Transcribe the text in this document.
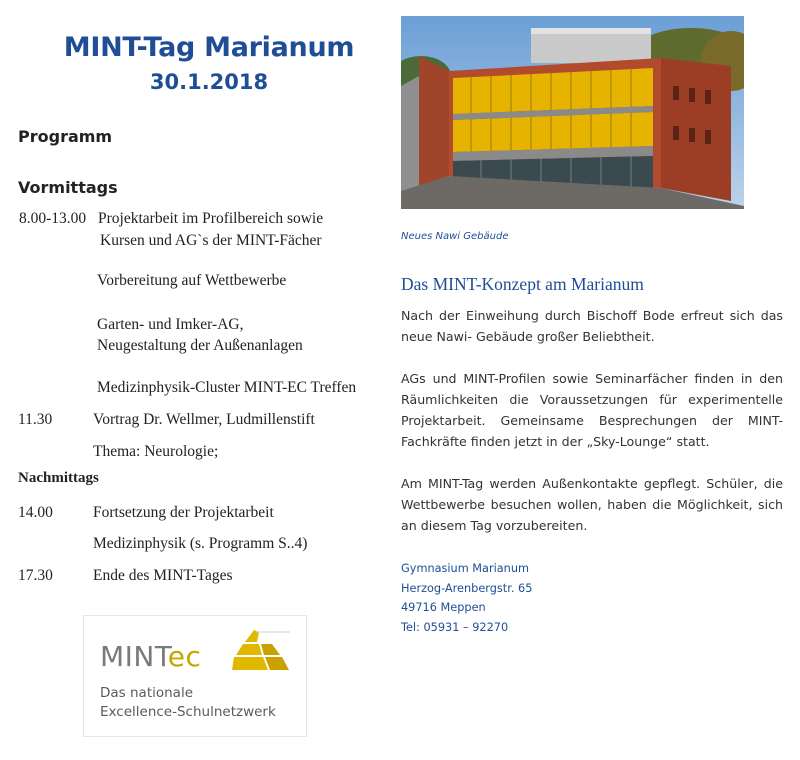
MINT-Tag Marianum
30.1.2018
Programm
Vormittags
8.00-13.00 Projektarbeit im Profilbereich sowie
Kursen und AG`s der MINT-Fächer
Vorbereitung auf Wettbewerbe
Garten- und Imker-AG,
Neugestaltung der Außenanlagen
Medizinphysik-Cluster MINT-EC Treffen
11.30	Vortrag Dr. Wellmer, Ludmillenstift
Thema: Neurologie;
Nachmittags
14.00	Fortsetzung der Projektarbeit
Medizinphysik (s. Programm S..4)
17.30	Ende des MINT-Tages
MINTec
Das nationale
Excellence-Schulnetzwerk
Neues Nawi Gebäude
Das MINT-Konzept am Marianum
Nach der Einweihung durch Bischoff Bode erfreut sich das neue Nawi- Gebäude großer Beliebtheit.
AGs und MINT-Profilen sowie Seminarfächer finden in den Räumlichkeiten die Voraussetzungen für experimentelle Projektarbeit. Gemeinsame Besprechungen der MINT-Fachkräfte finden jetzt in der „Sky-Lounge“ statt.
Am MINT-Tag werden Außenkontakte gepflegt. Schüler, die Wettbewerbe besuchen wollen, haben die Möglichkeit, sich an diesem Tag vorzubereiten.
Gymnasium Marianum
Herzog-Arenbergstr. 65
49716 Meppen
Tel: 05931 – 92270
